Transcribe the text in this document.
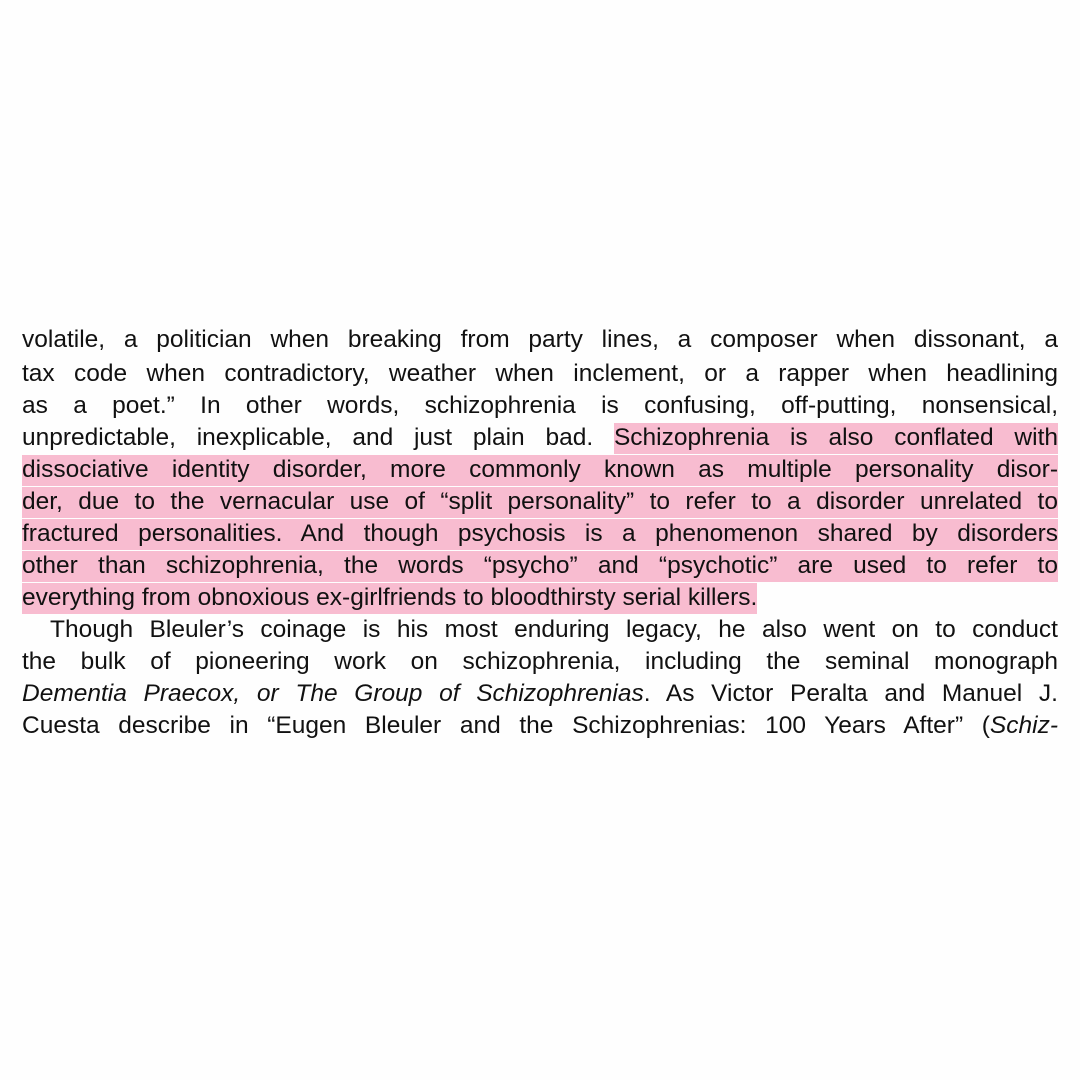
volatile, a politician when breaking from party lines, a composer when dissonant, a
tax code when contradictory, weather when inclement, or a rapper when headlining
as a poet.” In other words, schizophrenia is confusing, off-putting, nonsensical,
unpredictable, inexplicable, and just plain bad. Schizophrenia is also conflated with
dissociative identity disorder, more commonly known as multiple personality disor-
der, due to the vernacular use of “split personality” to refer to a disorder unrelated to
fractured personalities. And though psychosis is a phenomenon shared by disorders
other than schizophrenia, the words “psycho” and “psychotic” are used to refer to
everything from obnoxious ex-girlfriends to bloodthirsty serial killers.
Though Bleuler’s coinage is his most enduring legacy, he also went on to conduct
the bulk of pioneering work on schizophrenia, including the seminal monograph
Dementia Praecox, or The Group of Schizophrenias. As Victor Peralta and Manuel J.
Cuesta describe in “Eugen Bleuler and the Schizophrenias: 100 Years After” (Schiz-
